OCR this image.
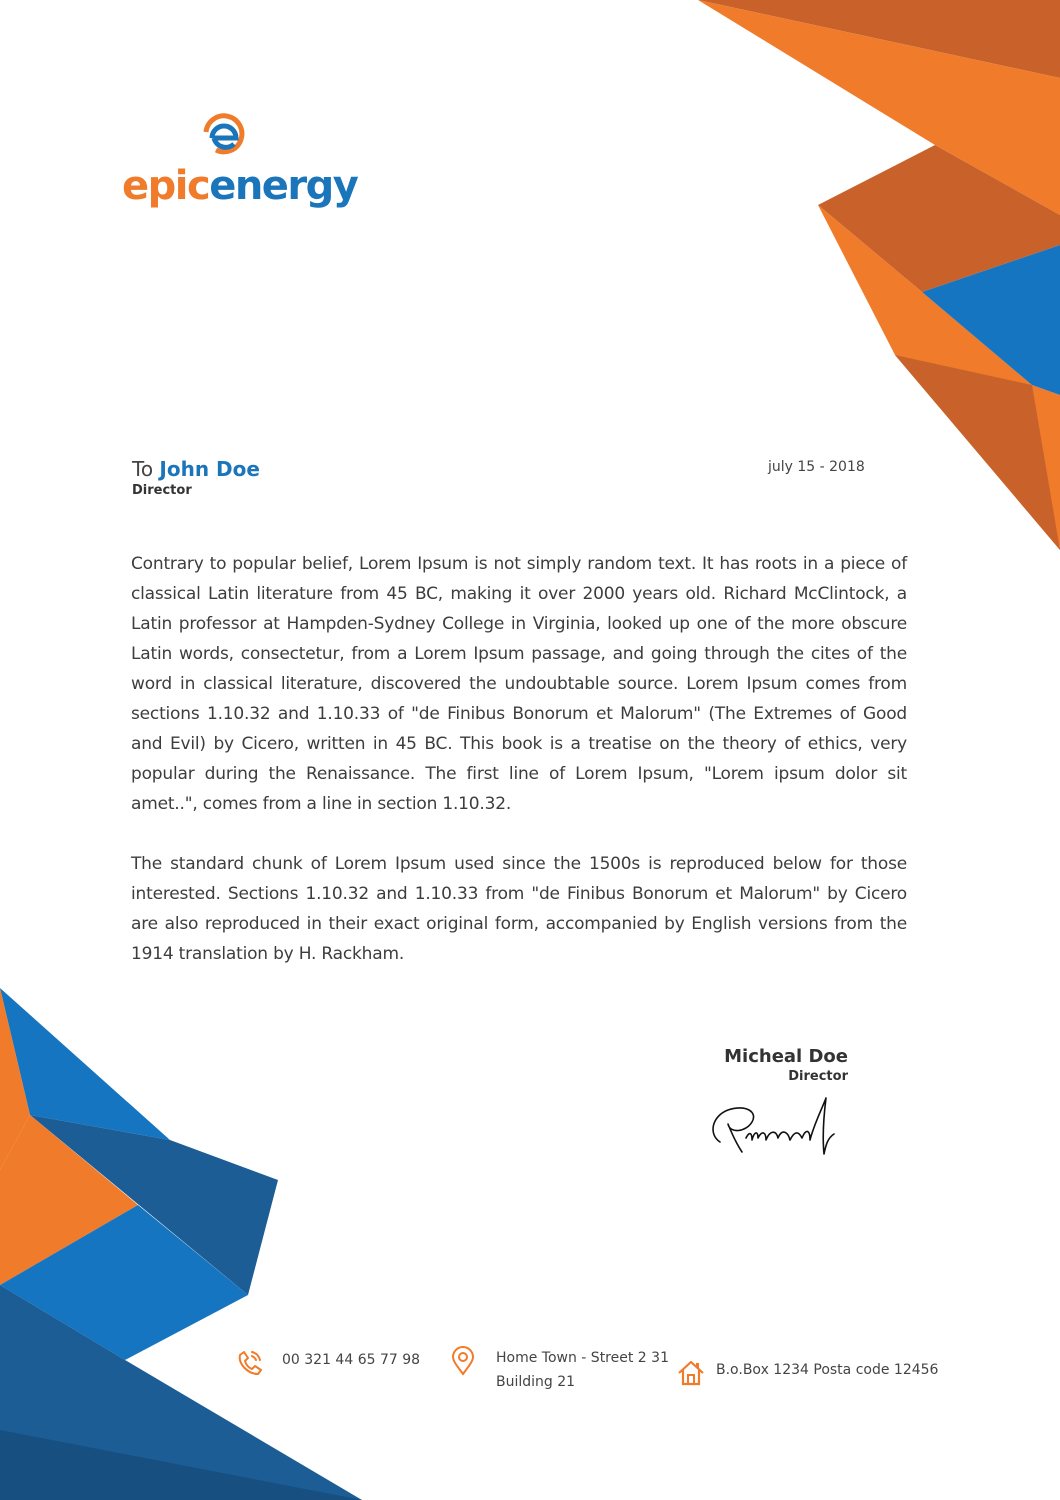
epicenergy
To John Doe
Director
july 15 - 2018

Contrary to popular belief, Lorem Ipsum is not simply random text. It has roots in a piece of classical Latin literature from 45 BC, making it over 2000 years old. Richard McClintock, a Latin professor at Hampden-Sydney College in Virginia, looked up one of the more obscure Latin words, consectetur, from a Lorem Ipsum passage, and going through the cites of the word in classical literature, discovered the undoubtable source. Lorem Ipsum comes from sections 1.10.32 and 1.10.33 of "de Finibus Bonorum et Malorum" (The Extremes of Good and Evil) by Cicero, written in 45 BC. This book is a treatise on the theory of ethics, very popular during the Renaissance. The first line of Lorem Ipsum, "Lorem ipsum dolor sit amet..", comes from a line in section 1.10.32.

The standard chunk of Lorem Ipsum used since the 1500s is reproduced below for those interested. Sections 1.10.32 and 1.10.33 from "de Finibus Bonorum et Malorum" by Cicero are also reproduced in their exact original form, accompanied by English versions from the 1914 translation by H. Rackham.

Micheal Doe
Director
00 321 44 65 77 98	Home Town - Street 2 31
Building 21
B.o.Box 1234 Posta code 12456
